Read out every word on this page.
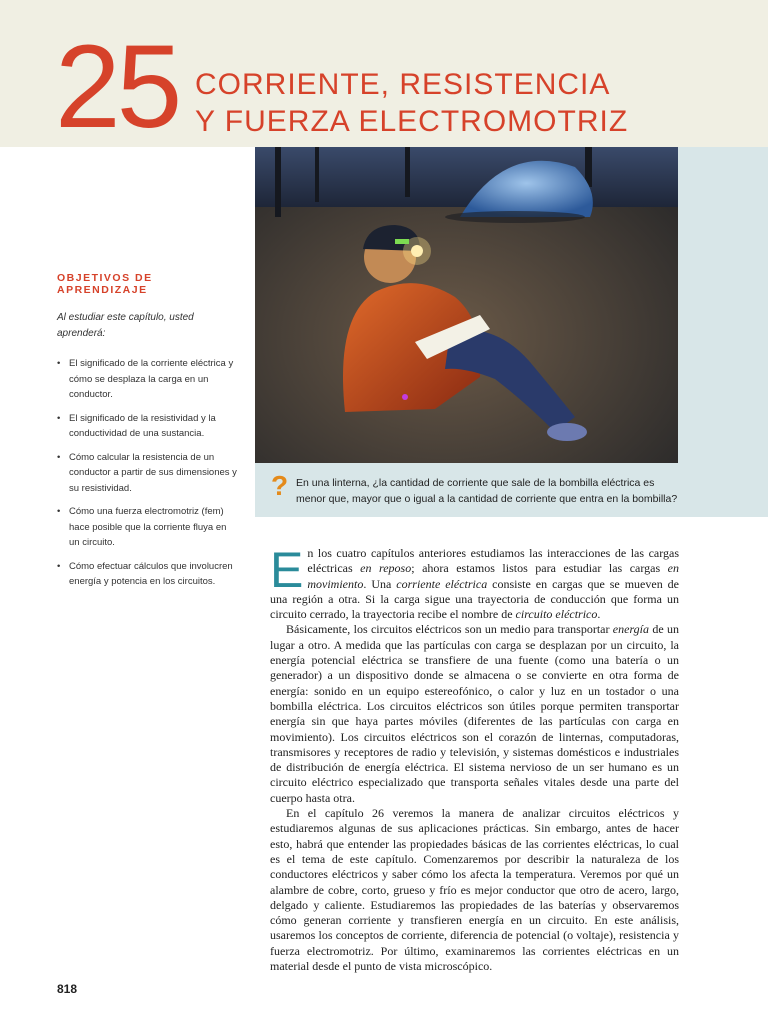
25 CORRIENTE, RESISTENCIA
Y FUERZA ELECTROMOTRIZ
? En una linterna, ¿la cantidad de corriente que sale de la bombilla eléctrica es menor que, mayor que o igual a la cantidad de corriente que entra en la bombilla?
OBJETIVOS DE APRENDIZAJE
Al estudiar este capítulo, usted aprenderá:
• El significado de la corriente eléctrica y cómo se desplaza la carga en un conductor.
• El significado de la resistividad y la conductividad de una sustancia.
• Cómo calcular la resistencia de un conductor a partir de sus dimensiones y su resistividad.
• Cómo una fuerza electromotriz (fem) hace posible que la corriente fluya en un circuito.
• Cómo efectuar cálculos que involucren energía y potencia en los circuitos.	En los cuatro capítulos anteriores estudiamos las interacciones de las cargas eléctricas en reposo; ahora estamos listos para estudiar las cargas en movimiento. Una corriente eléctrica consiste en cargas que se mueven de una región a otra. Si la carga sigue una trayectoria de conducción que forma un circuito cerrado, la trayectoria recibe el nombre de circuito eléctrico.

Básicamente, los circuitos eléctricos son un medio para transportar energía de un lugar a otro. A medida que las partículas con carga se desplazan por un circuito, la energía potencial eléctrica se transfiere de una fuente (como una batería o un generador) a un dispositivo donde se almacena o se convierte en otra forma de energía: sonido en un equipo estereofónico, o calor y luz en un tostador o una bombilla eléctrica. Los circuitos eléctricos son útiles porque permiten transportar energía sin que haya partes móviles (diferentes de las partículas con carga en movimiento). Los circuitos eléctricos son el corazón de linternas, computadoras, transmisores y receptores de radio y televisión, y sistemas domésticos e industriales de distribución de energía eléctrica. El sistema nervioso de un ser humano es un circuito eléctrico especializado que transporta señales vitales desde una parte del cuerpo hasta otra.

En el capítulo 26 veremos la manera de analizar circuitos eléctricos y estudiaremos algunas de sus aplicaciones prácticas. Sin embargo, antes de hacer esto, habrá que entender las propiedades básicas de las corrientes eléctricas, lo cual es el tema de este capítulo. Comenzaremos por describir la naturaleza de los conductores eléctricos y saber cómo los afecta la temperatura. Veremos por qué un alambre de cobre, corto, grueso y frío es mejor conductor que otro de acero, largo, delgado y caliente. Estudiaremos las propiedades de las baterías y observaremos cómo generan corriente y transfieren energía en un circuito. En este análisis, usaremos los conceptos de corriente, diferencia de potencial (o voltaje), resistencia y fuerza electromotriz. Por último, examinaremos las corrientes eléctricas en un material desde el punto de vista microscópico.

818
